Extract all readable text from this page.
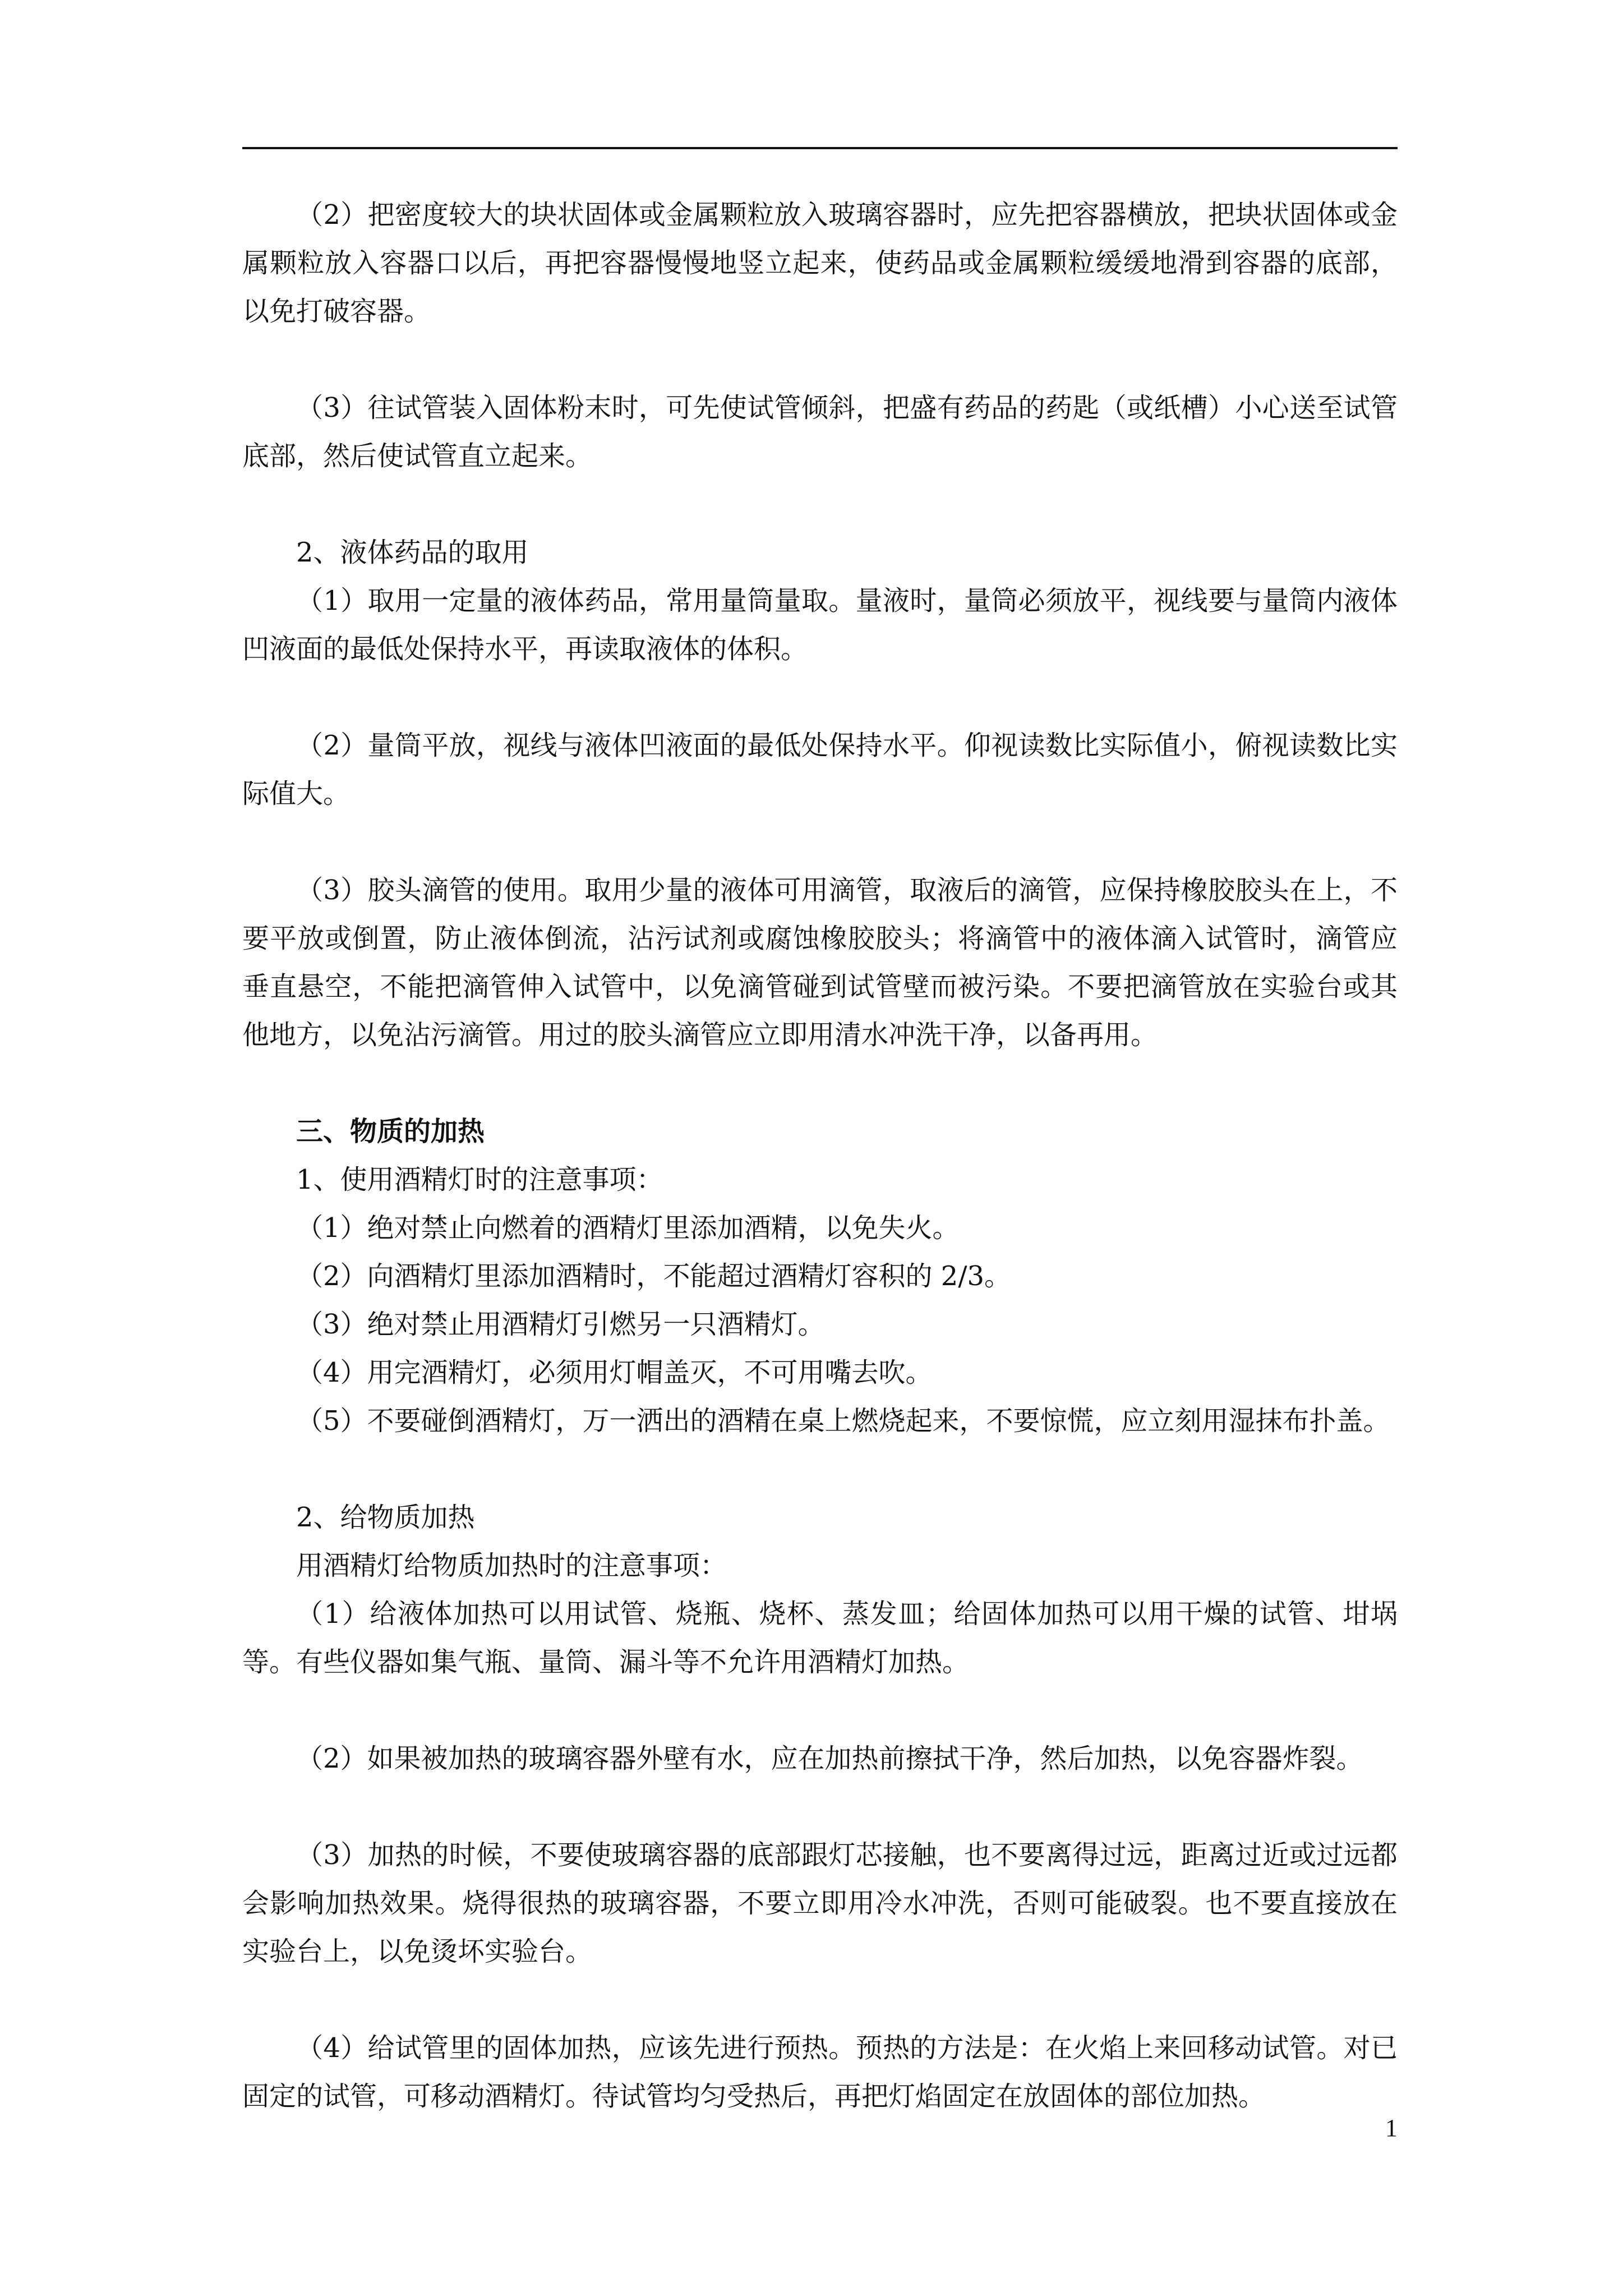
（2）把密度较大的块状固体或金属颗粒放入玻璃容器时，应先把容器横放，把块状固体或金属颗粒放入容器口以后，再把容器慢慢地竖立起来，使药品或金属颗粒缓缓地滑到容器的底部，以免打破容器。

（3）往试管装入固体粉末时，可先使试管倾斜，把盛有药品的药匙（或纸槽）小心送至试管底部，然后使试管直立起来。

2、液体药品的取用

（1）取用一定量的液体药品，常用量筒量取。量液时，量筒必须放平，视线要与量筒内液体凹液面的最低处保持水平，再读取液体的体积。

（2）量筒平放，视线与液体凹液面的最低处保持水平。仰视读数比实际值小，俯视读数比实际值大。

（3）胶头滴管的使用。取用少量的液体可用滴管，取液后的滴管，应保持橡胶胶头在上，不要平放或倒置，防止液体倒流，沾污试剂或腐蚀橡胶胶头；将滴管中的液体滴入试管时，滴管应垂直悬空，不能把滴管伸入试管中，以免滴管碰到试管壁而被污染。不要把滴管放在实验台或其他地方，以免沾污滴管。用过的胶头滴管应立即用清水冲洗干净，以备再用。

三、物质的加热

1、使用酒精灯时的注意事项：

（1）绝对禁止向燃着的酒精灯里添加酒精，以免失火。

（2）向酒精灯里添加酒精时，不能超过酒精灯容积的 2/3。

（3）绝对禁止用酒精灯引燃另一只酒精灯。

（4）用完酒精灯，必须用灯帽盖灭，不可用嘴去吹。

（5）不要碰倒酒精灯，万一洒出的酒精在桌上燃烧起来，不要惊慌，应立刻用湿抹布扑盖。

2、给物质加热

用酒精灯给物质加热时的注意事项：

（1）给液体加热可以用试管、烧瓶、烧杯、蒸发皿；给固体加热可以用干燥的试管、坩埚等。有些仪器如集气瓶、量筒、漏斗等不允许用酒精灯加热。

（2）如果被加热的玻璃容器外壁有水，应在加热前擦拭干净，然后加热，以免容器炸裂。

（3）加热的时候，不要使玻璃容器的底部跟灯芯接触，也不要离得过远，距离过近或过远都会影响加热效果。烧得很热的玻璃容器，不要立即用冷水冲洗，否则可能破裂。也不要直接放在实验台上，以免烫坏实验台。

（4）给试管里的固体加热，应该先进行预热。预热的方法是：在火焰上来回移动试管。对已固定的试管，可移动酒精灯。待试管均匀受热后，再把灯焰固定在放固体的部位加热。

1
